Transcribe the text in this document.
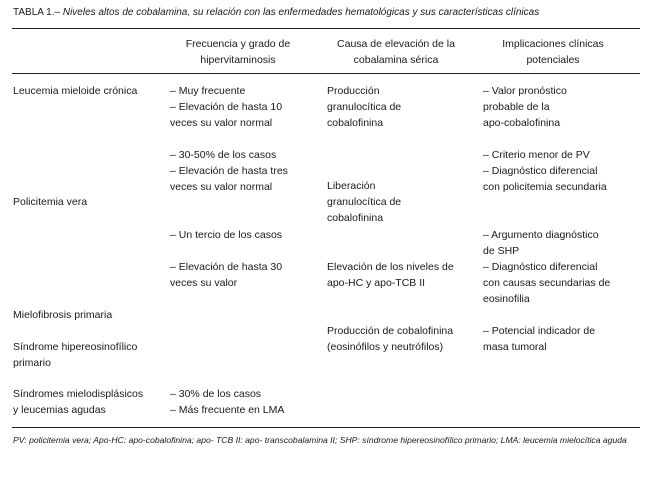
TABLA 1.– Niveles altos de cobalamina, su relación con las enfermedades hematológicas y sus características clínicas
Frecuencia y grado de
hipervitaminosis
Causa de elevación de la
cobalamina sérica
Implicaciones clínicas
potenciales
Leucemia mieloide crónica
Policitemia vera
Mielofibrosis primaria
Síndrome hipereosinofílico
primario
Síndromes mielodisplásicos
y leucemias agudas
– Muy frecuente
– Elevación de hasta 10
veces su valor normal
– 30-50% de los casos
– Elevación de hasta tres
veces su valor normal
– Un tercio de los casos
– Elevación de hasta 30
veces su valor
– 30% de los casos
– Más frecuente en LMA
Producción
granulocítica de
cobalofinina
Liberación
granulocítica de
cobalofinina
Elevación de los niveles de
apo-HC y apo-TCB II
Producción de cobalofinina
(eosinófilos y neutrófilos)
– Valor pronóstico
probable de la
apo-cobalofinina
– Criterio menor de PV
– Diagnóstico diferencial
con policitemia secundaria
– Argumento diagnóstico
de SHP
– Diagnóstico diferencial
con causas secundarias de
eosinofilia
– Potencial indicador de
masa tumoral
PV: policitemia vera; Apo-HC: apo-cobalofinina; apo- TCB II: apo- transcobalamina II; SHP: síndrome hipereosinofílico primario; LMA: leucemia mielocítica aguda
